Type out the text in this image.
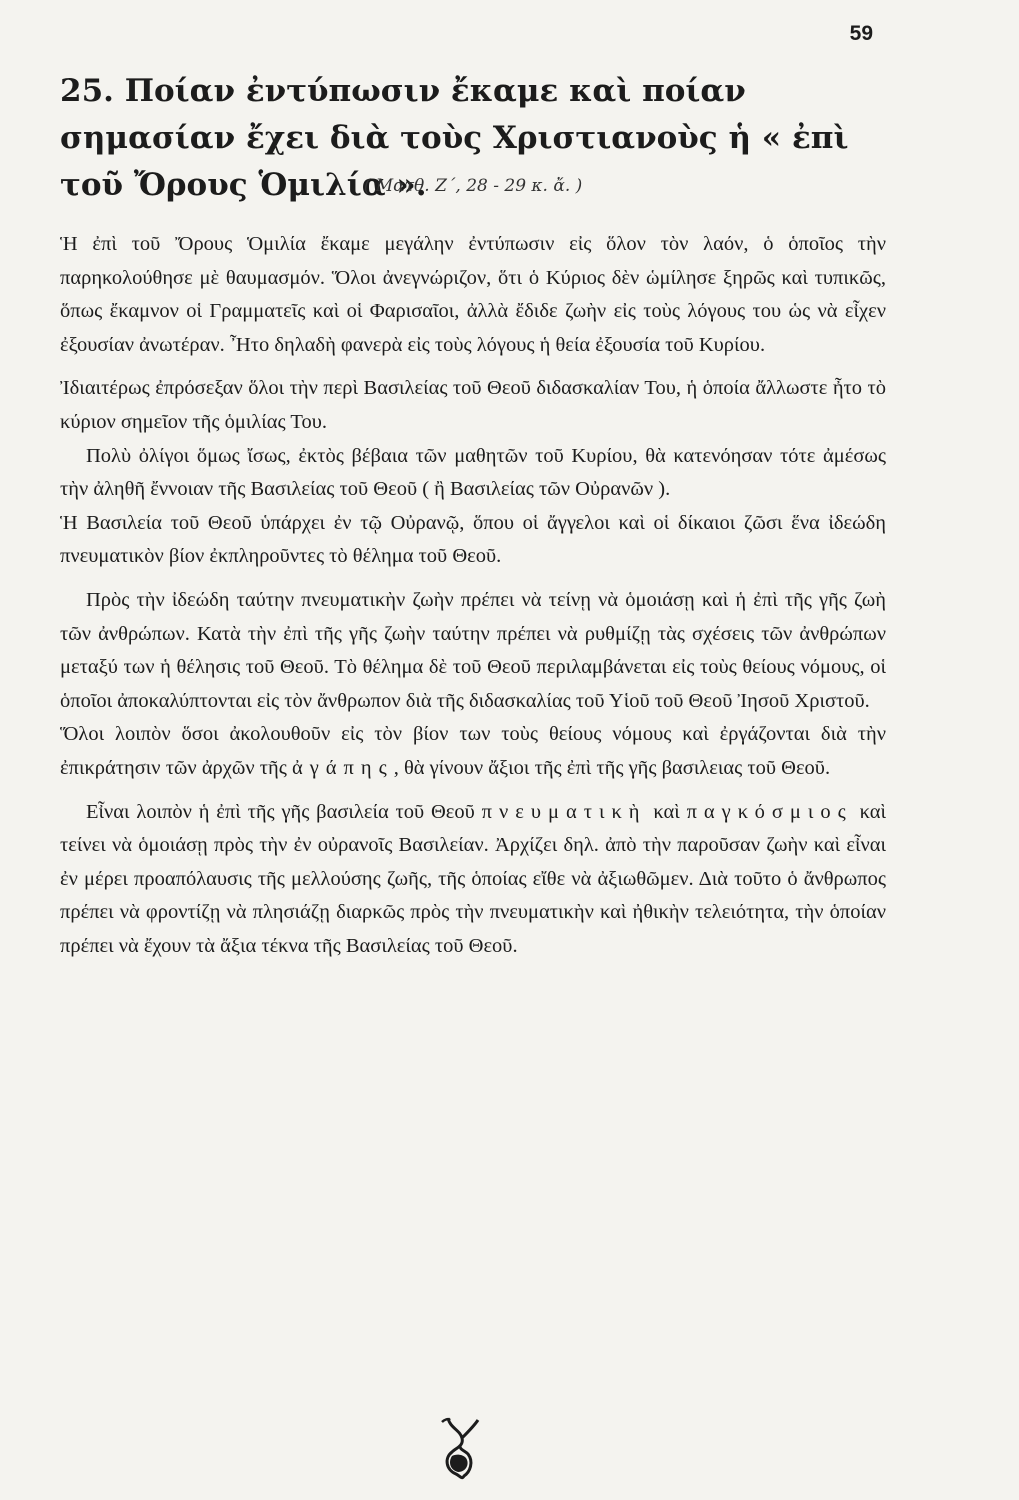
59
25. Ποίαν ἐντύπωσιν ἔκαμε καὶ ποίαν σημασίαν ἔχει διὰ τοὺς Χριστιανοὺς ἡ « ἐπὶ τοῦ Ὄρους Ὁμιλία ».
( Ματθ. Ζ΄, 28 - 29 κ. ἄ. )

Ἡ ἐπὶ τοῦ Ὄρους Ὁμιλία ἔκαμε μεγάλην ἐντύπωσιν εἰς ὅλον τὸν λαόν, ὁ ὁποῖος τὴν παρηκολούθησε μὲ θαυμασμόν. Ὅλοι ἀνεγνώριζον, ὅτι ὁ Κύριος δὲν ὡμίλησε ξηρῶς καὶ τυπικῶς, ὅπως ἔκαμνον οἱ Γραμματεῖς καὶ οἱ Φαρισαῖοι, ἀλλὰ ἔδιδε ζωὴν εἰς τοὺς λόγους του ὡς νὰ εἶχεν ἐξουσίαν ἀνωτέραν. Ἦτο δηλαδὴ φανερὰ εἰς τοὺς λόγους ἡ θεία ἐξουσία τοῦ Κυρίου.

Ἰδιαιτέρως ἐπρόσεξαν ὅλοι τὴν περὶ Βασιλείας τοῦ Θεοῦ διδασκαλίαν Του, ἡ ὁποία ἄλλωστε ἦτο τὸ κύριον σημεῖον τῆς ὁμιλίας Του.

Πολὺ ὀλίγοι ὅμως ἴσως, ἐκτὸς βέβαια τῶν μαθητῶν τοῦ Κυρίου, θὰ κατενόησαν τότε ἀμέσως τὴν ἀληθῆ ἔννοιαν τῆς Βασιλείας τοῦ Θεοῦ ( ἢ Βασιλείας τῶν Οὐρανῶν ).

Ἡ Βασιλεία τοῦ Θεοῦ ὑπάρχει ἐν τῷ Οὐρανῷ, ὅπου οἱ ἄγγελοι καὶ οἱ δίκαιοι ζῶσι ἕνα ἰδεώδη πνευματικὸν βίον ἐκπληροῦντες τὸ θέλημα τοῦ Θεοῦ.

Πρὸς τὴν ἰδεώδη ταύτην πνευματικὴν ζωὴν πρέπει νὰ τείνῃ νὰ ὁμοιάσῃ καὶ ἡ ἐπὶ τῆς γῆς ζωὴ τῶν ἀνθρώπων. Κατὰ τὴν ἐπὶ τῆς γῆς ζωὴν ταύτην πρέπει νὰ ρυθμίζῃ τὰς σχέσεις τῶν ἀνθρώπων μεταξύ των ἡ θέλησις τοῦ Θεοῦ. Τὸ θέλημα δὲ τοῦ Θεοῦ περιλαμβάνεται εἰς τοὺς θείους νόμους, οἱ ὁποῖοι ἀποκαλύπτονται εἰς τὸν ἄνθρωπον διὰ τῆς διδασκαλίας τοῦ Υἱοῦ τοῦ Θεοῦ Ἰησοῦ Χριστοῦ.

Ὅλοι λοιπὸν ὅσοι ἀκολουθοῦν εἰς τὸν βίον των τοὺς θείους νόμους καὶ ἐργάζονται διὰ τὴν ἐπικράτησιν τῶν ἀρχῶν τῆς ἀγάπης, θὰ γίνουν ἄξιοι τῆς ἐπὶ τῆς γῆς βασιλειας τοῦ Θεοῦ.

Εἶναι λοιπὸν ἡ ἐπὶ τῆς γῆς βασιλεία τοῦ Θεοῦ πνευματικὴ καὶ παγκόσμιος καὶ τείνει νὰ ὁμοιάσῃ πρὸς τὴν ἐν οὐρανοῖς Βασιλείαν. Ἀρχίζει δηλ. ἀπὸ τὴν παροῦσαν ζωὴν καὶ εἶναι ἐν μέρει προαπόλαυσις τῆς μελλούσης ζωῆς, τῆς ὁποίας εἴθε νὰ ἀξιωθῶμεν. Διὰ τοῦτο ὁ ἄνθρωπος πρέπει νὰ φροντίζῃ νὰ πλησιάζῃ διαρκῶς πρὸς τὴν πνευματικὴν καὶ ἠθικὴν τελειότητα, τὴν ὁποίαν πρέπει νὰ ἔχουν τὰ ἄξια τέκνα τῆς Βασιλείας τοῦ Θεοῦ.
